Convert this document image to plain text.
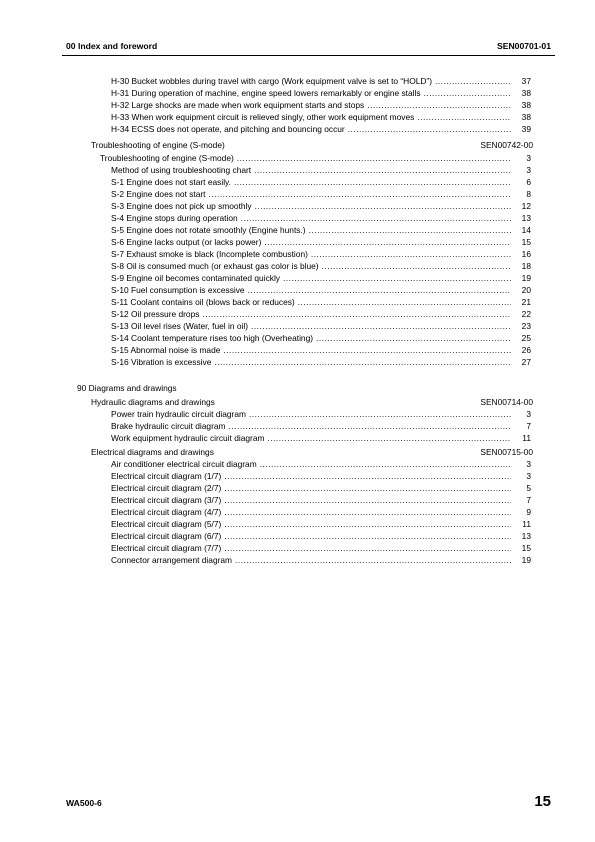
00 Index and foreword	SEN00701-01
H-30 Bucket wobbles during travel with cargo (Work equipment valve is set to “HOLD”) .....	37
H-31 During operation of machine, engine speed lowers remarkably or engine stalls .....	38
H-32 Large shocks are made when work equipment starts and stops .....	38
H-33 When work equipment circuit is relieved singly, other work equipment moves .....	38
H-34 ECSS does not operate, and pitching and bouncing occur .....	39
Troubleshooting of engine (S-mode)	SEN00742-00
Troubleshooting of engine (S-mode) .....	3
Method of using troubleshooting chart .....	3
S-1 Engine does not start easily. .....	6
S-2 Engine does not start .....	8
S-3 Engine does not pick up smoothly .....	12
S-4 Engine stops during operation .....	13
S-5 Engine does not rotate smoothly (Engine hunts.) .....	14
S-6 Engine lacks output (or lacks power) .....	15
S-7 Exhaust smoke is black (Incomplete combustion) .....	16
S-8 Oil is consumed much (or exhaust gas color is blue) .....	18
S-9 Engine oil becomes contaminated quickly .....	19
S-10 Fuel consumption is excessive .....	20
S-11 Coolant contains oil (blows back or reduces) .....	21
S-12 Oil pressure drops .....	22
S-13 Oil level rises (Water, fuel in oil) .....	23
S-14 Coolant temperature rises too high (Overheating) .....	25
S-15 Abnormal noise is made .....	26
S-16 Vibration is excessive .....	27
90 Diagrams and drawings
Hydraulic diagrams and drawings	SEN00714-00
Power train hydraulic circuit diagram .....	3
Brake hydraulic circuit diagram .....	7
Work equipment hydraulic circuit diagram .....	11
Electrical diagrams and drawings	SEN00715-00
Air conditioner electrical circuit diagram .....	3
Electrical circuit diagram (1/7) .....	3
Electrical circuit diagram (2/7) .....	5
Electrical circuit diagram (3/7) .....	7
Electrical circuit diagram (4/7) .....	9
Electrical circuit diagram (5/7) .....	11
Electrical circuit diagram (6/7) .....	13
Electrical circuit diagram (7/7) .....	15
Connector arrangement diagram .....	19
WA500-6	15
